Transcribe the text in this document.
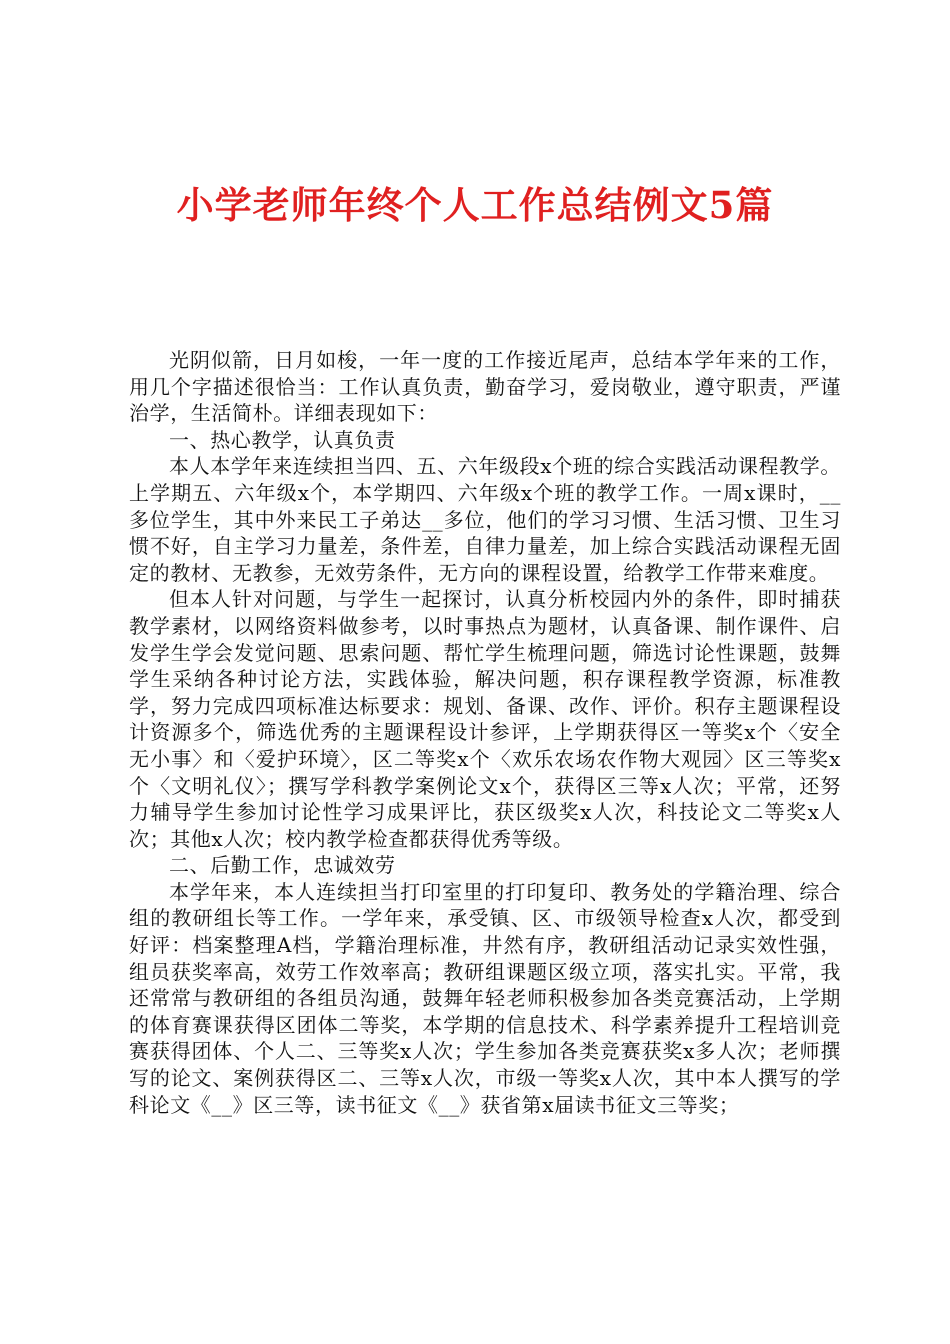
小学老师年终个人工作总结例文5篇

光阴似箭，日月如梭，一年一度的工作接近尾声，总结本学年来的工作，用几个字描述很恰当：工作认真负责，勤奋学习，爱岗敬业，遵守职责，严谨治学，生活简朴。详细表现如下：

一、热心教学，认真负责

本人本学年来连续担当四、五、六年级段x个班的综合实践活动课程教学。上学期五、六年级x个，本学期四、六年级x个班的教学工作。一周x课时，__多位学生，其中外来民工子弟达__多位，他们的学习习惯、生活习惯、卫生习惯不好，自主学习力量差，条件差，自律力量差，加上综合实践活动课程无固定的教材、无教参，无效劳条件，无方向的课程设置，给教学工作带来难度。

但本人针对问题，与学生一起探讨，认真分析校园内外的条件，即时捕获教学素材，以网络资料做参考，以时事热点为题材，认真备课、制作课件、启发学生学会发觉问题、思索问题、帮忙学生梳理问题，筛选讨论性课题，鼓舞学生采纳各种讨论方法，实践体验，解决问题，积存课程教学资源，标准教学，努力完成四项标准达标要求：规划、备课、改作、评价。积存主题课程设计资源多个，筛选优秀的主题课程设计参评，上学期获得区一等奖x个〈安全无小事〉和〈爱护环境〉，区二等奖x个〈欢乐农场农作物大观园〉区三等奖x个〈文明礼仪〉；撰写学科教学案例论文x个，获得区三等x人次；平常，还努力辅导学生参加讨论性学习成果评比，获区级奖x人次，科技论文二等奖x人次；其他x人次；校内教学检查都获得优秀等级。

二、后勤工作，忠诚效劳

本学年来，本人连续担当打印室里的打印复印、教务处的学籍治理、综合组的教研组长等工作。一学年来，承受镇、区、市级领导检查x人次，都受到好评：档案整理A档，学籍治理标准，井然有序，教研组活动记录实效性强，组员获奖率高，效劳工作效率高；教研组课题区级立项，落实扎实。平常，我还常常与教研组的各组员沟通，鼓舞年轻老师积极参加各类竞赛活动，上学期的体育赛课获得区团体二等奖，本学期的信息技术、科学素养提升工程培训竞赛获得团体、个人二、三等奖x人次；学生参加各类竞赛获奖x多人次；老师撰写的论文、案例获得区二、三等x人次，市级一等奖x人次，其中本人撰写的学科论文《__》区三等，读书征文《__》获省第x届读书征文三等奖；
